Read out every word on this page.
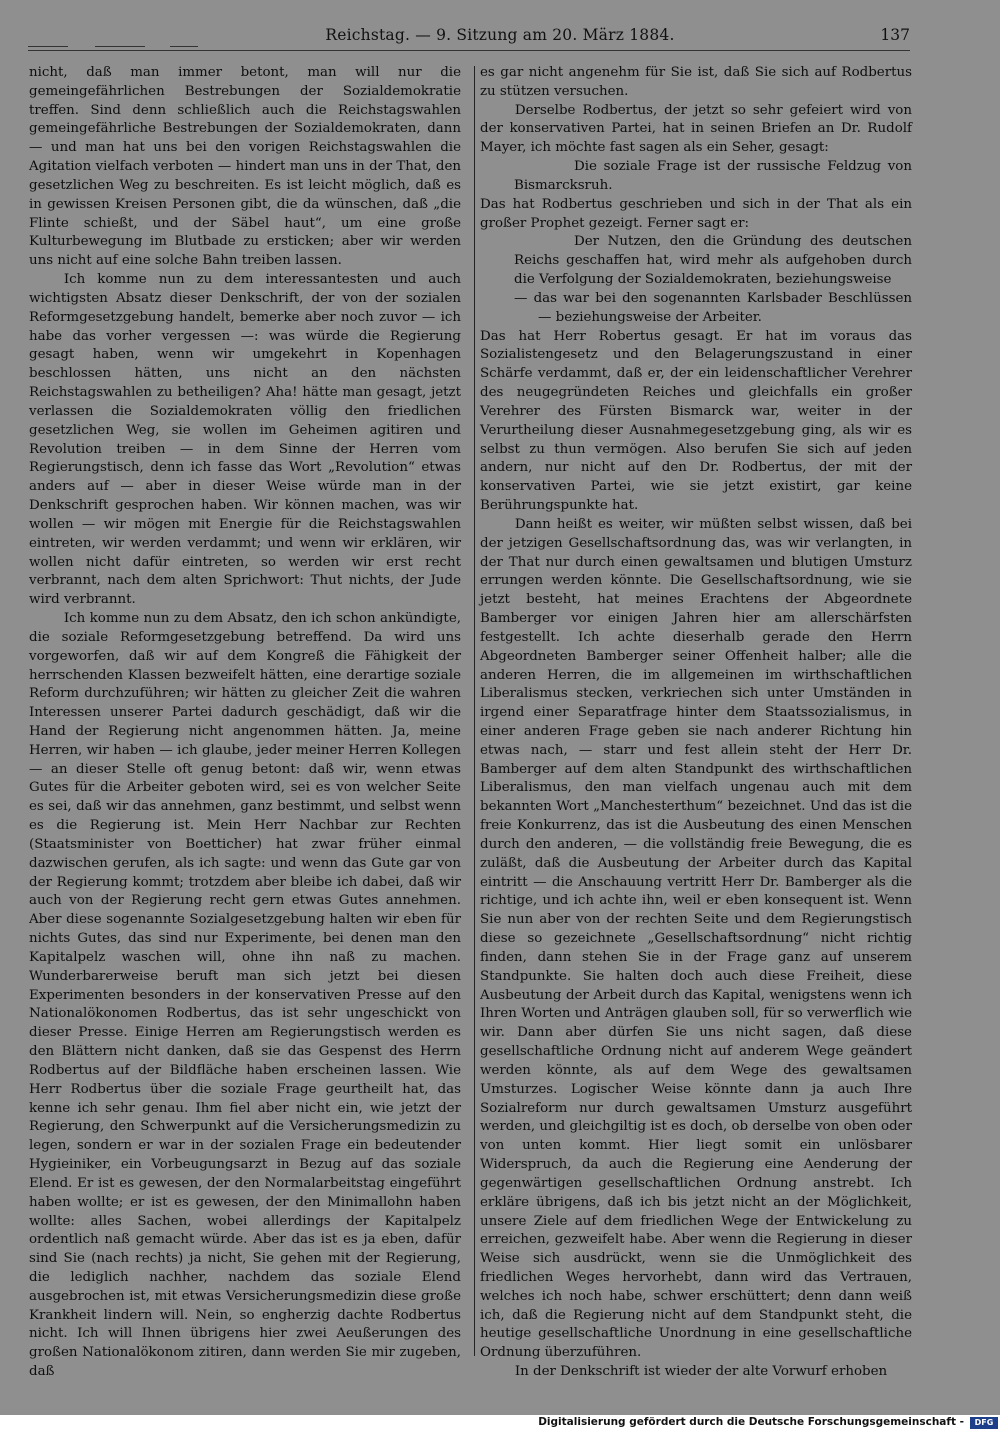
Reichstag. — 9. Sitzung am 20. März 1884.	137

nicht, daß man immer betont, man will nur die gemeingefährlichen Bestrebungen der Sozialdemokratie treffen. Sind denn schließlich auch die Reichstagswahlen gemeingefährliche Bestrebungen der Sozialdemokraten, dann — und man hat uns bei den vorigen Reichstagswahlen die Agitation vielfach verboten — hindert man uns in der That, den gesetzlichen Weg zu beschreiten. Es ist leicht möglich, daß es in gewissen Kreisen Personen gibt, die da wünschen, daß „die Flinte schießt, und der Säbel haut“, um eine große Kulturbewegung im Blutbade zu ersticken; aber wir werden uns nicht auf eine solche Bahn treiben lassen.

Ich komme nun zu dem interessantesten und auch wichtigsten Absatz dieser Denkschrift, der von der sozialen Reformgesetzgebung handelt, bemerke aber noch zuvor — ich habe das vorher vergessen —: was würde die Regierung gesagt haben, wenn wir umgekehrt in Kopenhagen beschlossen hätten, uns nicht an den nächsten Reichstagswahlen zu betheiligen? Aha! hätte man gesagt, jetzt verlassen die Sozialdemokraten völlig den friedlichen gesetzlichen Weg, sie wollen im Geheimen agitiren und Revolution treiben — in dem Sinne der Herren vom Regierungstisch, denn ich fasse das Wort „Revolution“ etwas anders auf — aber in dieser Weise würde man in der Denkschrift gesprochen haben. Wir können machen, was wir wollen — wir mögen mit Energie für die Reichstagswahlen eintreten, wir werden verdammt; und wenn wir erklären, wir wollen nicht dafür eintreten, so werden wir erst recht verbrannt, nach dem alten Sprichwort: Thut nichts, der Jude wird verbrannt.

Ich komme nun zu dem Absatz, den ich schon ankündigte, die soziale Reformgesetzgebung betreffend. Da wird uns vorgeworfen, daß wir auf dem Kongreß die Fähigkeit der herrschenden Klassen bezweifelt hätten, eine derartige soziale Reform durchzuführen; wir hätten zu gleicher Zeit die wahren Interessen unserer Partei dadurch geschädigt, daß wir die Hand der Regierung nicht angenommen hätten. Ja, meine Herren, wir haben — ich glaube, jeder meiner Herren Kollegen — an dieser Stelle oft genug betont: daß wir, wenn etwas Gutes für die Arbeiter geboten wird, sei es von welcher Seite es sei, daß wir das annehmen, ganz bestimmt, und selbst wenn es die Regierung ist. Mein Herr Nachbar zur Rechten (Staatsminister von Boetticher) hat zwar früher einmal dazwischen gerufen, als ich sagte: und wenn das Gute gar von der Regierung kommt; trotzdem aber bleibe ich dabei, daß wir auch von der Regierung recht gern etwas Gutes annehmen. Aber diese sogenannte Sozialgesetzgebung halten wir eben für nichts Gutes, das sind nur Experimente, bei denen man den Kapitalpelz waschen will, ohne ihn naß zu machen. Wunderbarerweise beruft man sich jetzt bei diesen Experimenten besonders in der konservativen Presse auf den Nationalökonomen Rodbertus, das ist sehr ungeschickt von dieser Presse. Einige Herren am Regierungstisch werden es den Blättern nicht danken, daß sie das Gespenst des Herrn Rodbertus auf der Bildfläche haben erscheinen lassen. Wie Herr Rodbertus über die soziale Frage geurtheilt hat, das kenne ich sehr genau. Ihm fiel aber nicht ein, wie jetzt der Regierung, den Schwerpunkt auf die Versicherungsmedizin zu legen, sondern er war in der sozialen Frage ein bedeutender Hygieiniker, ein Vorbeugungsarzt in Bezug auf das soziale Elend. Er ist es gewesen, der den Normalarbeitstag eingeführt haben wollte; er ist es gewesen, der den Minimallohn haben wollte: alles Sachen, wobei allerdings der Kapitalpelz ordentlich naß gemacht würde. Aber das ist es ja eben, dafür sind Sie (nach rechts) ja nicht, Sie gehen mit der Regierung, die lediglich nachher, nachdem das soziale Elend ausgebrochen ist, mit etwas Versicherungsmedizin diese große Krankheit lindern will. Nein, so engherzig dachte Rodbertus nicht. Ich will Ihnen übrigens hier zwei Aeußerungen des großen Nationalökonom zitiren, dann werden Sie mir zugeben, daß

es gar nicht angenehm für Sie ist, daß Sie sich auf Rodbertus zu stützen versuchen.

Derselbe Rodbertus, der jetzt so sehr gefeiert wird von der konservativen Partei, hat in seinen Briefen an Dr. Rudolf Mayer, ich möchte fast sagen als ein Seher, gesagt:

Die soziale Frage ist der russische Feldzug von Bismarcksruh.

Das hat Rodbertus geschrieben und sich in der That als ein großer Prophet gezeigt. Ferner sagt er:

Der Nutzen, den die Gründung des deutschen Reichs geschaffen hat, wird mehr als aufgehoben durch die Verfolgung der Sozialdemokraten, beziehungsweise

— das war bei den sogenannten Karlsbader Beschlüssen — beziehungsweise der Arbeiter.

Das hat Herr Robertus gesagt. Er hat im voraus das Sozialistengesetz und den Belagerungszustand in einer Schärfe verdammt, daß er, der ein leidenschaftlicher Verehrer des neugegründeten Reiches und gleichfalls ein großer Verehrer des Fürsten Bismarck war, weiter in der Verurtheilung dieser Ausnahmegesetzgebung ging, als wir es selbst zu thun vermögen. Also berufen Sie sich auf jeden andern, nur nicht auf den Dr. Rodbertus, der mit der konservativen Partei, wie sie jetzt existirt, gar keine Berührungspunkte hat.

Dann heißt es weiter, wir müßten selbst wissen, daß bei der jetzigen Gesellschaftsordnung das, was wir verlangten, in der That nur durch einen gewaltsamen und blutigen Umsturz errungen werden könnte. Die Gesellschaftsordnung, wie sie jetzt besteht, hat meines Erachtens der Abgeordnete Bamberger vor einigen Jahren hier am allerschärfsten festgestellt. Ich achte dieserhalb gerade den Herrn Abgeordneten Bamberger seiner Offenheit halber; alle die anderen Herren, die im allgemeinen im wirthschaftlichen Liberalismus stecken, verkriechen sich unter Umständen in irgend einer Separatfrage hinter dem Staatssozialismus, in einer anderen Frage geben sie nach anderer Richtung hin etwas nach, — starr und fest allein steht der Herr Dr. Bamberger auf dem alten Standpunkt des wirthschaftlichen Liberalismus, den man vielfach ungenau auch mit dem bekannten Wort „Manchesterthum“ bezeichnet. Und das ist die freie Konkurrenz, das ist die Ausbeutung des einen Menschen durch den anderen, — die vollständig freie Bewegung, die es zuläßt, daß die Ausbeutung der Arbeiter durch das Kapital eintritt — die Anschauung vertritt Herr Dr. Bamberger als die richtige, und ich achte ihn, weil er eben konsequent ist. Wenn Sie nun aber von der rechten Seite und dem Regierungstisch diese so gezeichnete „Gesellschaftsordnung“ nicht richtig finden, dann stehen Sie in der Frage ganz auf unserem Standpunkte. Sie halten doch auch diese Freiheit, diese Ausbeutung der Arbeit durch das Kapital, wenigstens wenn ich Ihren Worten und Anträgen glauben soll, für so verwerflich wie wir. Dann aber dürfen Sie uns nicht sagen, daß diese gesellschaftliche Ordnung nicht auf anderem Wege geändert werden könnte, als auf dem Wege des gewaltsamen Umsturzes. Logischer Weise könnte dann ja auch Ihre Sozialreform nur durch gewaltsamen Umsturz ausgeführt werden, und gleichgiltig ist es doch, ob derselbe von oben oder von unten kommt. Hier liegt somit ein unlösbarer Widerspruch, da auch die Regierung eine Aenderung der gegenwärtigen gesellschaftlichen Ordnung anstrebt. Ich erkläre übrigens, daß ich bis jetzt nicht an der Möglichkeit, unsere Ziele auf dem friedlichen Wege der Entwickelung zu erreichen, gezweifelt habe. Aber wenn die Regierung in dieser Weise sich ausdrückt, wenn sie die Unmöglichkeit des friedlichen Weges hervorhebt, dann wird das Vertrauen, welches ich noch habe, schwer erschüttert; denn dann weiß ich, daß die Regierung nicht auf dem Standpunkt steht, die heutige gesellschaftliche Unordnung in eine gesellschaftliche Ordnung überzuführen.

In der Denkschrift ist wieder der alte Vorwurf erhoben

Digitalisierung gefördert durch die Deutsche Forschungsgemeinschaft -	DFG
